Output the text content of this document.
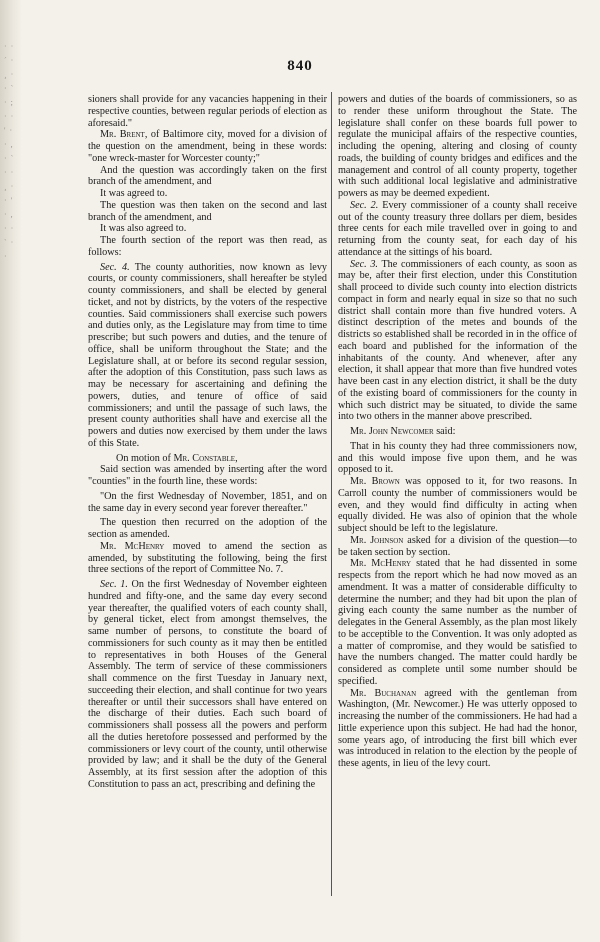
· · ´ · ¸ · · ` · ; · · ' · · , · ` · · ¸ · · ' · , · · ` · ·
840

sioners shall provide for any vacancies happening in their respective counties, between regular periods of election as aforesaid."

Mr. Brent, of Baltimore city, moved for a division of the question on the amendment, being in these words: "one wreck-master for Worcester county;"

And the question was accordingly taken on the first branch of the amendment, and

It was agreed to.

The question was then taken on the second and last branch of the amendment, and

It was also agreed to.

The fourth section of the report was then read, as follows:

Sec. 4. The county authorities, now known as levy courts, or county commissioners, shall hereafter be styled county commissioners, and shall be elected by general ticket, and not by districts, by the voters of the respective counties. Said commissioners shall exercise such powers and duties only, as the Legislature may from time to time prescribe; but such powers and duties, and the tenure of office, shall be uniform throughout the State; and the Legislature shall, at or before its second regular session, after the adoption of this Constitution, pass such laws as may be necessary for ascertaining and defining the powers, duties, and tenure of office of said commissioners; and until the passage of such laws, the present county authorities shall have and exercise all the powers and duties now exercised by them under the laws of this State.

On motion of Mr. Constable,

Said section was amended by inserting after the word "counties" in the fourth line, these words:

"On the first Wednesday of November, 1851, and on the same day in every second year forever thereafter."

The question then recurred on the adoption of the section as amended.

Mr. McHenry moved to amend the section as amended, by substituting the following, being the first three sections of the report of Committee No. 7.

Sec. 1. On the first Wednesday of November eighteen hundred and fifty-one, and the same day every second year thereafter, the qualified voters of each county shall, by general ticket, elect from amongst themselves, the same number of persons, to constitute the board of commissioners for such county as it may then be entitled to representatives in both Houses of the General Assembly. The term of service of these commissioners shall commence on the first Tuesday in January next, succeeding their election, and shall continue for two years thereafter or until their successors shall have entered on the discharge of their duties. Each such board of commissioners shall possess all the powers and perform all the duties heretofore possessed and performed by the commissioners or levy court of the county, until otherwise provided by law; and it shall be the duty of the General Assembly, at its first session after the adoption of this Constitution to pass an act, prescribing and defining the

powers and duties of the boards of commissioners, so as to render these uniform throughout the State. The legislature shall confer on these boards full power to regulate the municipal affairs of the respective counties, including the opening, altering and closing of county roads, the building of county bridges and edifices and the management and control of all county property, together with such additional local legislative and administrative powers as may be deemed expedient.

Sec. 2. Every commissioner of a county shall receive out of the county treasury three dollars per diem, besides three cents for each mile travelled over in going to and returning from the county seat, for each day of his attendance at the sittings of his board.

Sec. 3. The commissioners of each county, as soon as may be, after their first election, under this Constitution shall proceed to divide such county into election districts compact in form and nearly equal in size so that no such district shall contain more than five hundred voters. A distinct description of the metes and bounds of the districts so established shall be recorded in in the office of each board and published for the information of the inhabitants of the county. And whenever, after any election, it shall appear that more than five hundred votes have been cast in any election district, it shall be the duty of the existing board of commissioners for the county in which such district may be situated, to divide the same into two others in the manner above prescribed.

Mr. John Newcomer said:

That in his county they had three commissioners now, and this would impose five upon them, and he was opposed to it.

Mr. Brown was opposed to it, for two reasons. In Carroll county the number of commissioners would be even, and they would find difficulty in acting when equally divided. He was also of opinion that the whole subject should be left to the legislature.

Mr. Johnson asked for a division of the question—to be taken section by section.

Mr. McHenry stated that he had dissented in some respects from the report which he had now moved as an amendment. It was a matter of considerable difficulty to determine the number; and they had bit upon the plan of giving each county the same number as the number of delegates in the General Assembly, as the plan most likely to be acceptible to the Convention. It was only adopted as a matter of compromise, and they would be satisfied to have the numbers changed. The matter could hardly be considered as complete until some number should be specified.

Mr. Buchanan agreed with the gentleman from Washington, (Mr. Newcomer.) He was utterly opposed to increasing the number of the commissioners. He had had a little experience upon this subject. He had had the honor, some years ago, of introducing the first bill which ever was introduced in relation to the election by the people of these agents, in lieu of the levy court.
